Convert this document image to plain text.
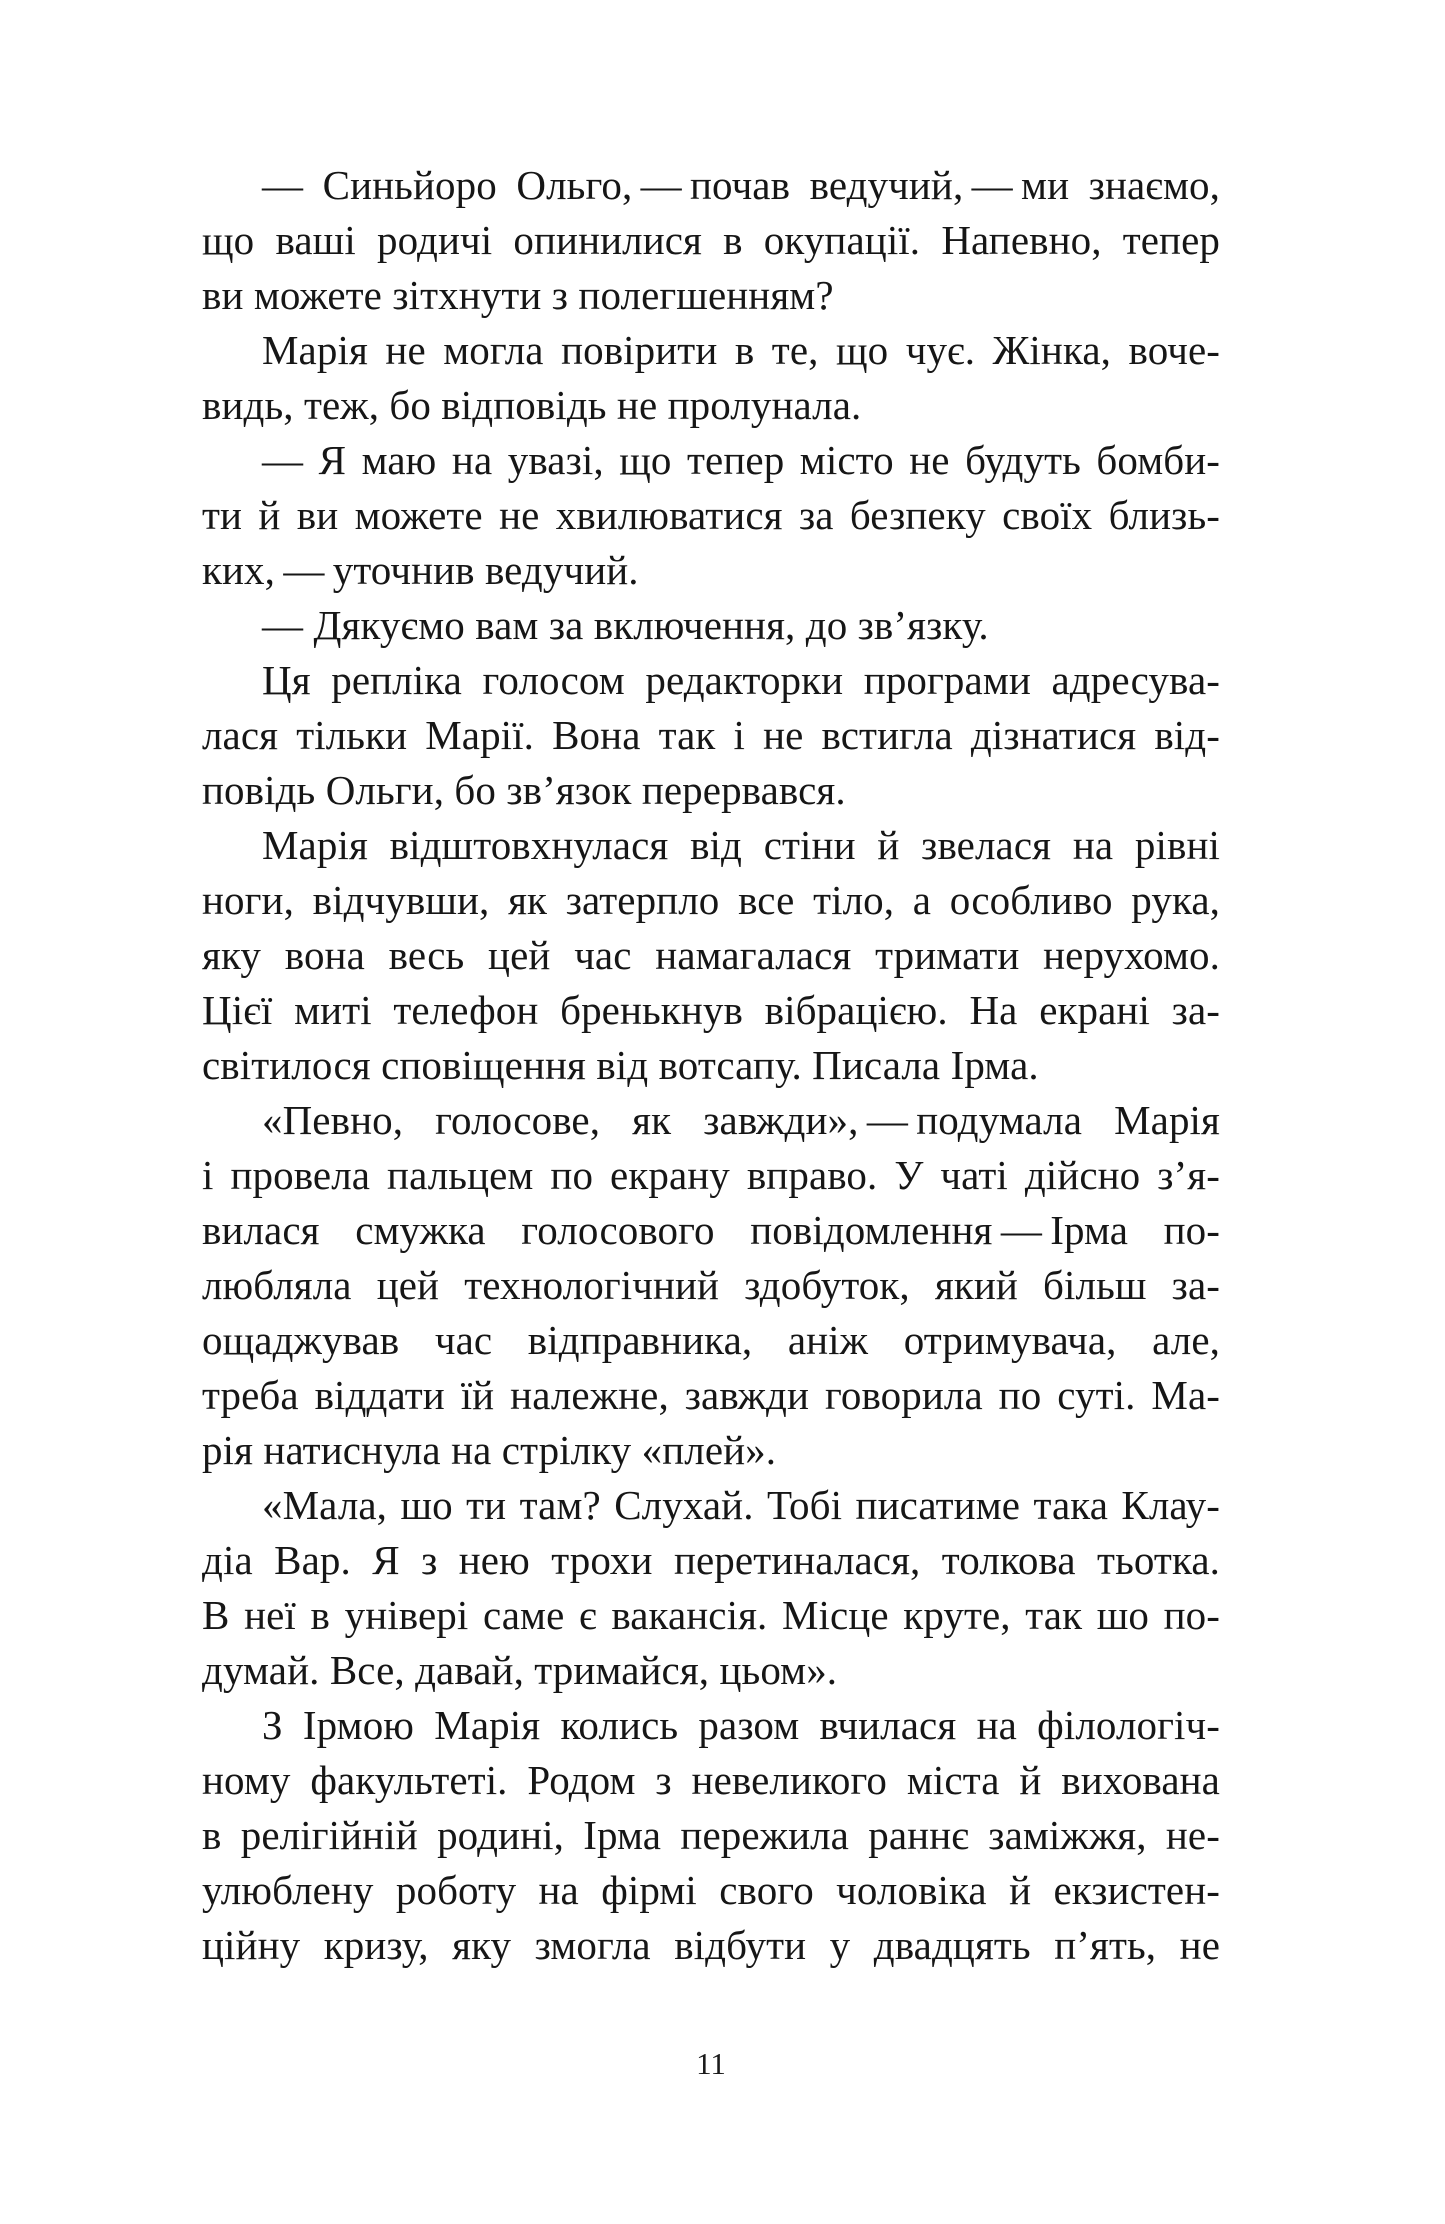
— Синьйоро Ольго, — почав ведучий, — ми знаємо,
що ваші родичі опинилися в окупації. Напевно, тепер
ви можете зітхнути з полегшенням?
Марія не могла повірити в те, що чує. Жінка, воче-
видь, теж, бо відповідь не пролунала.
— Я маю на увазі, що тепер місто не будуть бомби-
ти й ви можете не хвилюватися за безпеку своїх близь-
ких, — уточнив ведучий.
— Дякуємо вам за включення, до зв’язку.
Ця репліка голосом редакторки програми адресува-
лася тільки Марії. Вона так і не встигла дізнатися від-
повідь Ольги, бо зв’язок перервався.
Марія відштовхнулася від стіни й звелася на рівні
ноги, відчувши, як затерпло все тіло, а особливо рука,
яку вона весь цей час намагалася тримати нерухомо.
Цієї миті телефон бренькнув вібрацією. На екрані за-
світилося сповіщення від вотсапу. Писала Ірма.
«Певно, голосове, як завжди», — подумала Марія
і провела пальцем по екрану вправо. У чаті дійсно з’я-
вилася смужка голосового повідомлення — Ірма по-
любляла цей технологічний здобуток, який більш за-
ощаджував час відправника, аніж отримувача, але,
треба віддати їй належне, завжди говорила по суті. Ма-
рія натиснула на стрілку «плей».
«Мала, шо ти там? Слухай. Тобі писатиме така Клау-
діа Вар. Я з нею трохи перетиналася, толкова тьотка.
В неї в універі саме є вакансія. Місце круте, так шо по-
думай. Все, давай, тримайся, цьом».
З Ірмою Марія колись разом вчилася на філологіч-
ному факультеті. Родом з невеликого міста й вихована
в релігійній родині, Ірма пережила раннє заміжжя, не-
улюблену роботу на фірмі свого чоловіка й екзистен-
ційну кризу, яку змогла відбути у двадцять п’ять, не
11
